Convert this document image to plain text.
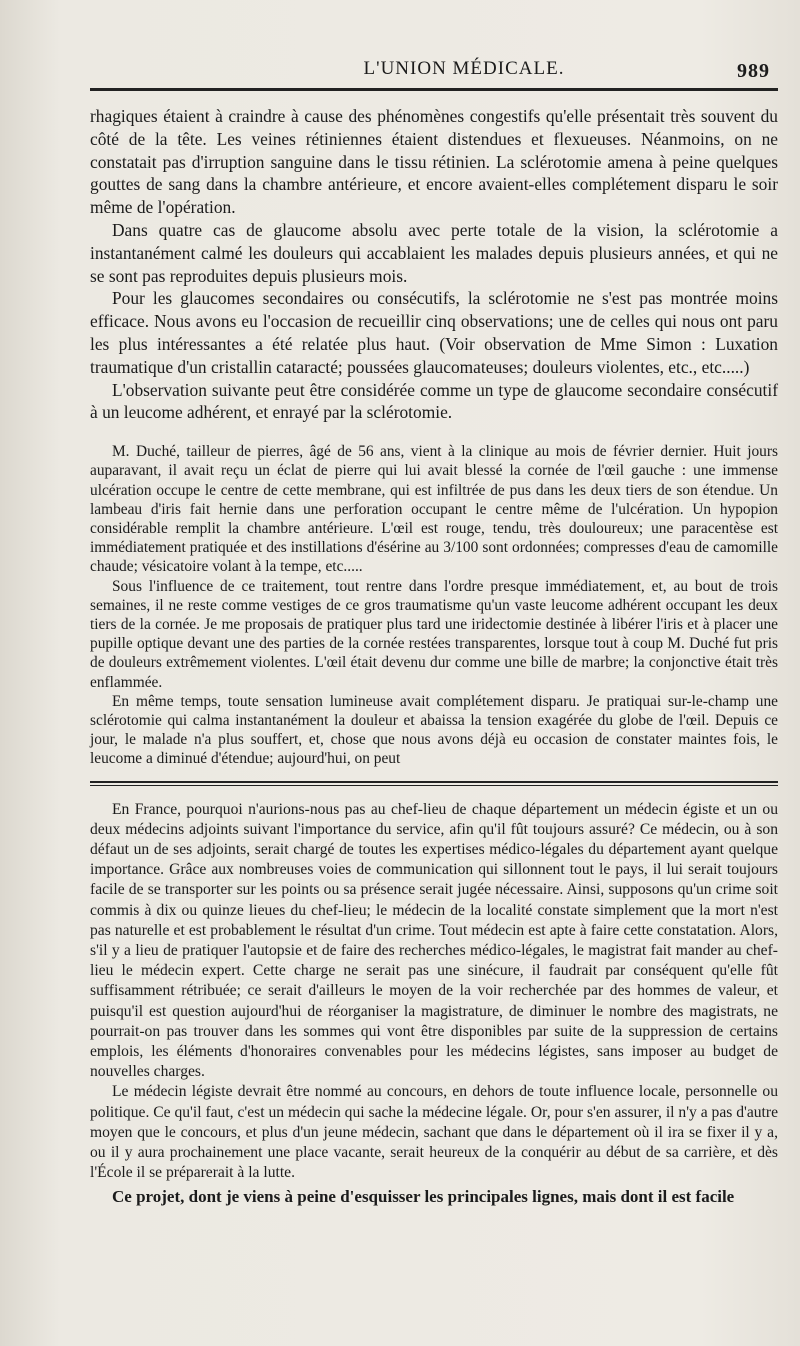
L'UNION MÉDICALE.	989

rhagiques étaient à craindre à cause des phénomènes congestifs qu'elle présentait très souvent du côté de la tête. Les veines rétiniennes étaient distendues et flexueuses. Néanmoins, on ne constatait pas d'irruption sanguine dans le tissu rétinien. La sclérotomie amena à peine quelques gouttes de sang dans la chambre antérieure, et encore avaient-elles complétement disparu le soir même de l'opération.

Dans quatre cas de glaucome absolu avec perte totale de la vision, la sclérotomie a instantanément calmé les douleurs qui accablaient les malades depuis plusieurs années, et qui ne se sont pas reproduites depuis plusieurs mois.

Pour les glaucomes secondaires ou consécutifs, la sclérotomie ne s'est pas montrée moins efficace. Nous avons eu l'occasion de recueillir cinq observations; une de celles qui nous ont paru les plus intéressantes a été relatée plus haut. (Voir observation de Mme Simon : Luxation traumatique d'un cristallin cataracté; poussées glaucomateuses; douleurs violentes, etc., etc.....)

L'observation suivante peut être considérée comme un type de glaucome secondaire consécutif à un leucome adhérent, et enrayé par la sclérotomie.

M. Duché, tailleur de pierres, âgé de 56 ans, vient à la clinique au mois de février dernier. Huit jours auparavant, il avait reçu un éclat de pierre qui lui avait blessé la cornée de l'œil gauche : une immense ulcération occupe le centre de cette membrane, qui est infiltrée de pus dans les deux tiers de son étendue. Un lambeau d'iris fait hernie dans une perforation occupant le centre même de l'ulcération. Un hypopion considérable remplit la chambre antérieure. L'œil est rouge, tendu, très douloureux; une paracentèse est immédiatement pratiquée et des instillations d'ésérine au 3/100 sont ordonnées; compresses d'eau de camomille chaude; vésicatoire volant à la tempe, etc.....

Sous l'influence de ce traitement, tout rentre dans l'ordre presque immédiatement, et, au bout de trois semaines, il ne reste comme vestiges de ce gros traumatisme qu'un vaste leucome adhérent occupant les deux tiers de la cornée. Je me proposais de pratiquer plus tard une iridectomie destinée à libérer l'iris et à placer une pupille optique devant une des parties de la cornée restées transparentes, lorsque tout à coup M. Duché fut pris de douleurs extrêmement violentes. L'œil était devenu dur comme une bille de marbre; la conjonctive était très enflammée.

En même temps, toute sensation lumineuse avait complétement disparu. Je pratiquai sur-le-champ une sclérotomie qui calma instantanément la douleur et abaissa la tension exagérée du globe de l'œil. Depuis ce jour, le malade n'a plus souffert, et, chose que nous avons déjà eu occasion de constater maintes fois, le leucome a diminué d'étendue; aujourd'hui, on peut

En France, pourquoi n'aurions-nous pas au chef-lieu de chaque département un médecin égiste et un ou deux médecins adjoints suivant l'importance du service, afin qu'il fût toujours assuré? Ce médecin, ou à son défaut un de ses adjoints, serait chargé de toutes les expertises médico-légales du département ayant quelque importance. Grâce aux nombreuses voies de communication qui sillonnent tout le pays, il lui serait toujours facile de se transporter sur les points ou sa présence serait jugée nécessaire. Ainsi, supposons qu'un crime soit commis à dix ou quinze lieues du chef-lieu; le médecin de la localité constate simplement que la mort n'est pas naturelle et est probablement le résultat d'un crime. Tout médecin est apte à faire cette constatation. Alors, s'il y a lieu de pratiquer l'autopsie et de faire des recherches médico-légales, le magistrat fait mander au chef-lieu le médecin expert. Cette charge ne serait pas une sinécure, il faudrait par conséquent qu'elle fût suffisamment rétribuée; ce serait d'ailleurs le moyen de la voir recherchée par des hommes de valeur, et puisqu'il est question aujourd'hui de réorganiser la magistrature, de diminuer le nombre des magistrats, ne pourrait-on pas trouver dans les sommes qui vont être disponibles par suite de la suppression de certains emplois, les éléments d'honoraires convenables pour les médecins légistes, sans imposer au budget de nouvelles charges.

Le médecin légiste devrait être nommé au concours, en dehors de toute influence locale, personnelle ou politique. Ce qu'il faut, c'est un médecin qui sache la médecine légale. Or, pour s'en assurer, il n'y a pas d'autre moyen que le concours, et plus d'un jeune médecin, sachant que dans le département où il ira se fixer il y a, ou il y aura prochainement une place vacante, serait heureux de la conquérir au début de sa carrière, et dès l'École il se préparerait à la lutte.

Ce projet, dont je viens à peine d'esquisser les principales lignes, mais dont il est facile
